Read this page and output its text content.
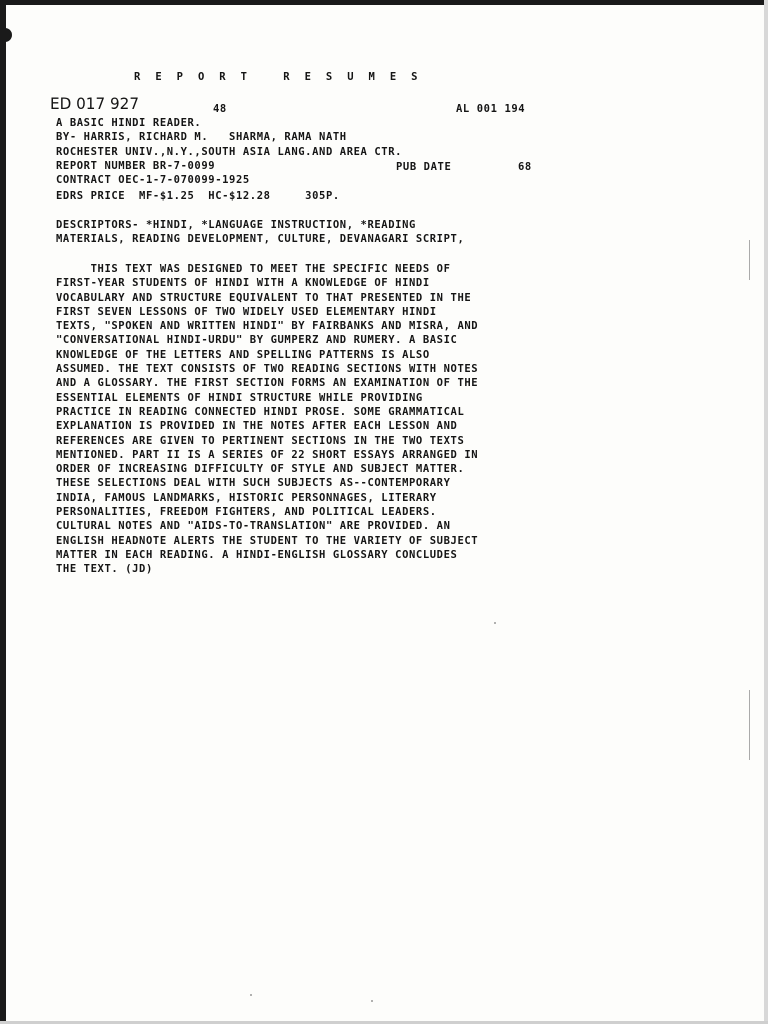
REPORT RESUMES
ED 017 927	48	AL 001 194
A BASIC HINDI READER.
BY- HARRIS, RICHARD M.   SHARMA, RAMA NATH
ROCHESTER UNIV.,N.Y.,SOUTH ASIA LANG.AND AREA CTR.
REPORT NUMBER BR-7-0099
CONTRACT OEC-1-7-070099-1925
PUB DATE	68
EDRS PRICE  MF-$1.25  HC-$12.28     305P.
DESCRIPTORS- *HINDI, *LANGUAGE INSTRUCTION, *READING
MATERIALS, READING DEVELOPMENT, CULTURE, DEVANAGARI SCRIPT,
THIS TEXT WAS DESIGNED TO MEET THE SPECIFIC NEEDS OF
FIRST-YEAR STUDENTS OF HINDI WITH A KNOWLEDGE OF HINDI
VOCABULARY AND STRUCTURE EQUIVALENT TO THAT PRESENTED IN THE
FIRST SEVEN LESSONS OF TWO WIDELY USED ELEMENTARY HINDI
TEXTS, "SPOKEN AND WRITTEN HINDI" BY FAIRBANKS AND MISRA, AND
"CONVERSATIONAL HINDI-URDU" BY GUMPERZ AND RUMERY. A BASIC
KNOWLEDGE OF THE LETTERS AND SPELLING PATTERNS IS ALSO
ASSUMED. THE TEXT CONSISTS OF TWO READING SECTIONS WITH NOTES
AND A GLOSSARY. THE FIRST SECTION FORMS AN EXAMINATION OF THE
ESSENTIAL ELEMENTS OF HINDI STRUCTURE WHILE PROVIDING
PRACTICE IN READING CONNECTED HINDI PROSE. SOME GRAMMATICAL
EXPLANATION IS PROVIDED IN THE NOTES AFTER EACH LESSON AND
REFERENCES ARE GIVEN TO PERTINENT SECTIONS IN THE TWO TEXTS
MENTIONED. PART II IS A SERIES OF 22 SHORT ESSAYS ARRANGED IN
ORDER OF INCREASING DIFFICULTY OF STYLE AND SUBJECT MATTER.
THESE SELECTIONS DEAL WITH SUCH SUBJECTS AS--CONTEMPORARY
INDIA, FAMOUS LANDMARKS, HISTORIC PERSONNAGES, LITERARY
PERSONALITIES, FREEDOM FIGHTERS, AND POLITICAL LEADERS.
CULTURAL NOTES AND "AIDS-TO-TRANSLATION" ARE PROVIDED. AN
ENGLISH HEADNOTE ALERTS THE STUDENT TO THE VARIETY OF SUBJECT
MATTER IN EACH READING. A HINDI-ENGLISH GLOSSARY CONCLUDES
THE TEXT. (JD)
